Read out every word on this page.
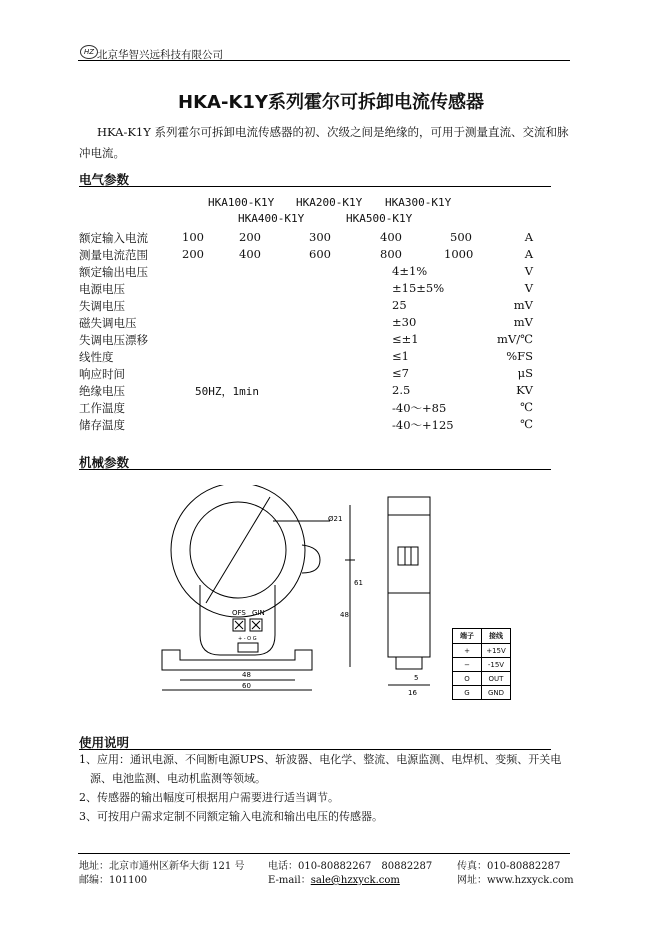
HZ 北京华智兴远科技有限公司
HKA-K1Y系列霍尔可拆卸电流传感器
HKA-K1Y 系列霍尔可拆卸电流传感器的初、次级之间是绝缘的，可用于测量直流、交流和脉冲电流。
电气参数
HKA100-K1Y HKA200-K1Y HKA300-K1Y
HKA400-K1Y	HKA500-K1Y
额定输入电流	100	200	300	400	500	A
测量电流范围	200	400	600	800	1000	A
额定输出电压	4±1%	V
电源电压	±15±5%	V
失调电压	25	mV
磁失调电压	±30	mV
失调电压漂移	≤±1	mV/℃
线性度	≤1	%FS
响应时间	≤7	μS
绝缘电压	50HZ，1min	2.5	KV
工作温度	-40～+85	℃
储存温度	-40～+125	℃
机械参数
Ø21
OFS GIN
+ - O G
61
48
48
60
16
5
端子	接线
+	+15V
−	-15V
O	OUT
G	GND
使用说明

1、应用：通讯电源、不间断电源UPS、斩波器、电化学、整流、电源监测、电焊机、变频、开关电源、电池监测、电动机监测等领域。

2、传感器的输出幅度可根据用户需要进行适当调节。

3、可按用户需求定制不同额定输入电流和输出电压的传感器。

地址：北京市通州区新华大街 121 号 电话：010-80882267　80882287 传真：010-80882287
邮编：101100	E-mail：sale@hzxyck.com	网址：www.hzxyck.com
